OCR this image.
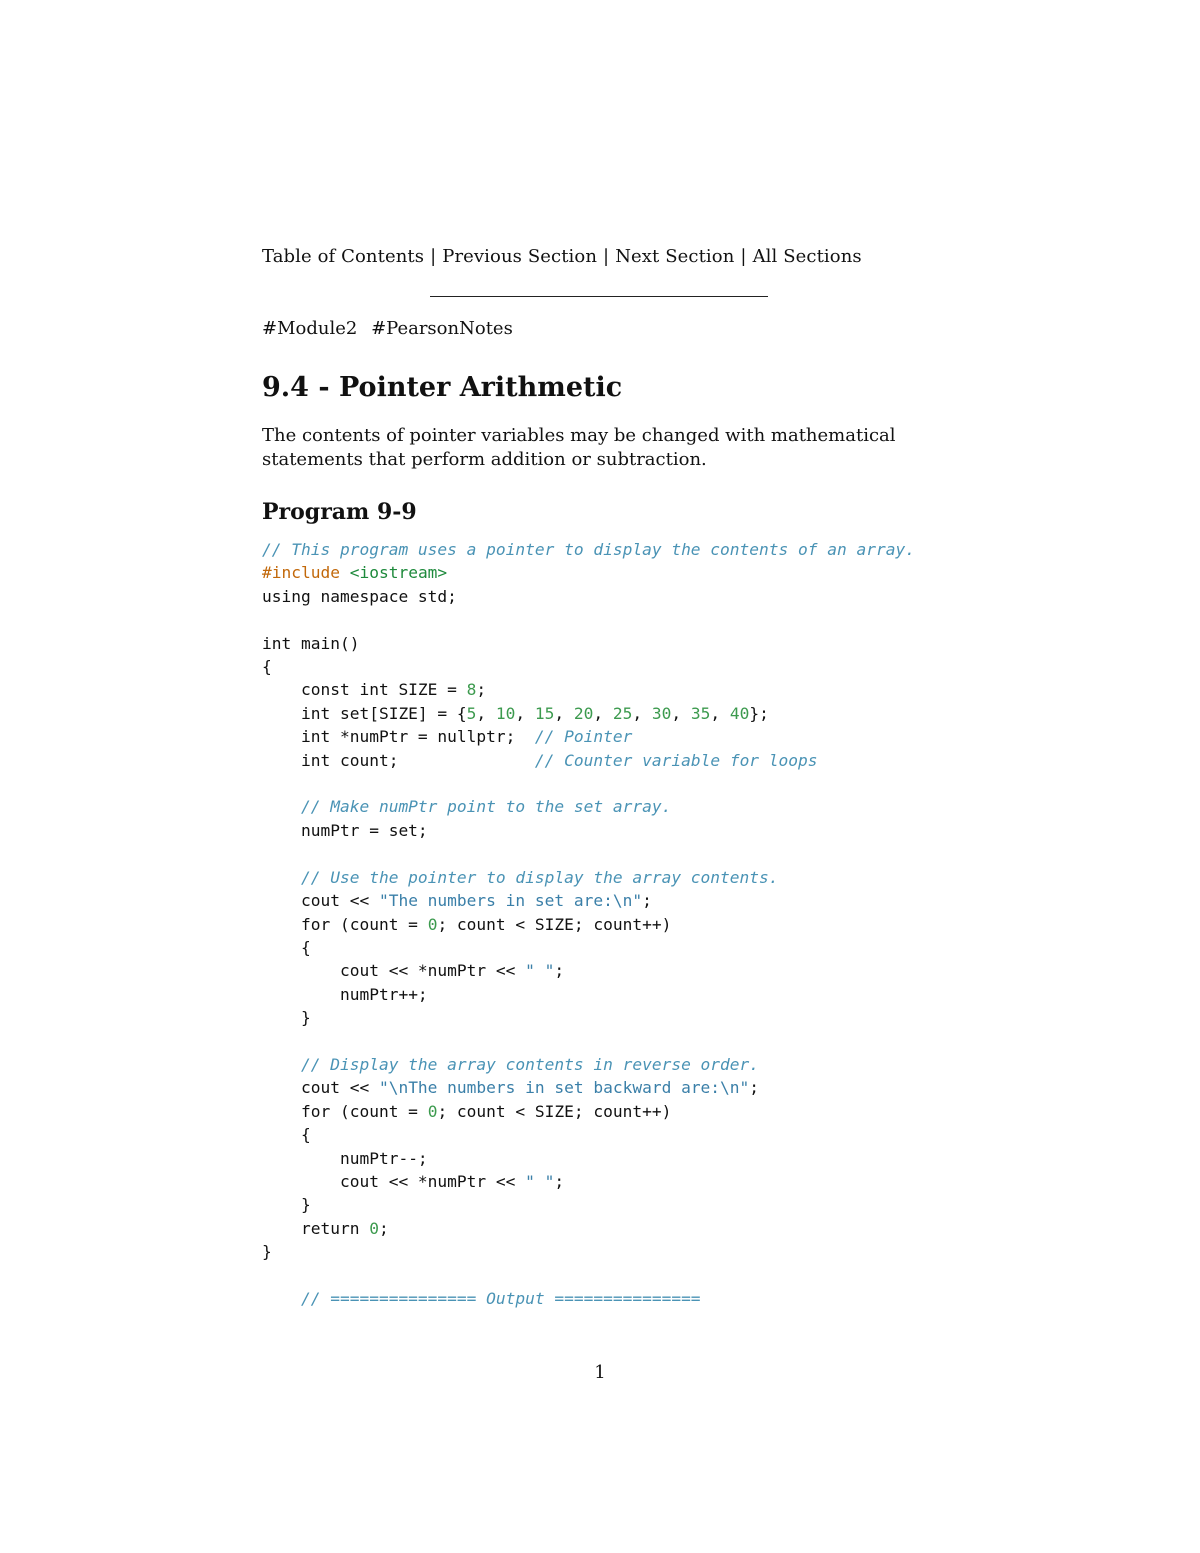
Table of Contents | Previous Section | Next Section | All Sections
#Module2 #PearsonNotes
9.4 - Pointer Arithmetic

The contents of pointer variables may be changed with mathematical statements that perform addition or subtraction.

Program 9-9
// This program uses a pointer to display the contents of an array.
#include <iostream>
using namespace std;

int main()
{
const int SIZE = 8;
int set[SIZE] = {5, 10, 15, 20, 25, 30, 35, 40};
int *numPtr = nullptr; // Pointer
int count;	// Counter variable for loops

// Make numPtr point to the set array.
numPtr = set;

// Use the pointer to display the array contents.
cout << "The numbers in set are:\n";
for (count = 0; count < SIZE; count++)
{
cout << *numPtr << " ";
numPtr++;
}

// Display the array contents in reverse order.
cout << "\nThe numbers in set backward are:\n";
for (count = 0; count < SIZE; count++)
{
numPtr--;
cout << *numPtr << " ";
}
return 0;
}

// =============== Output ===============
1
